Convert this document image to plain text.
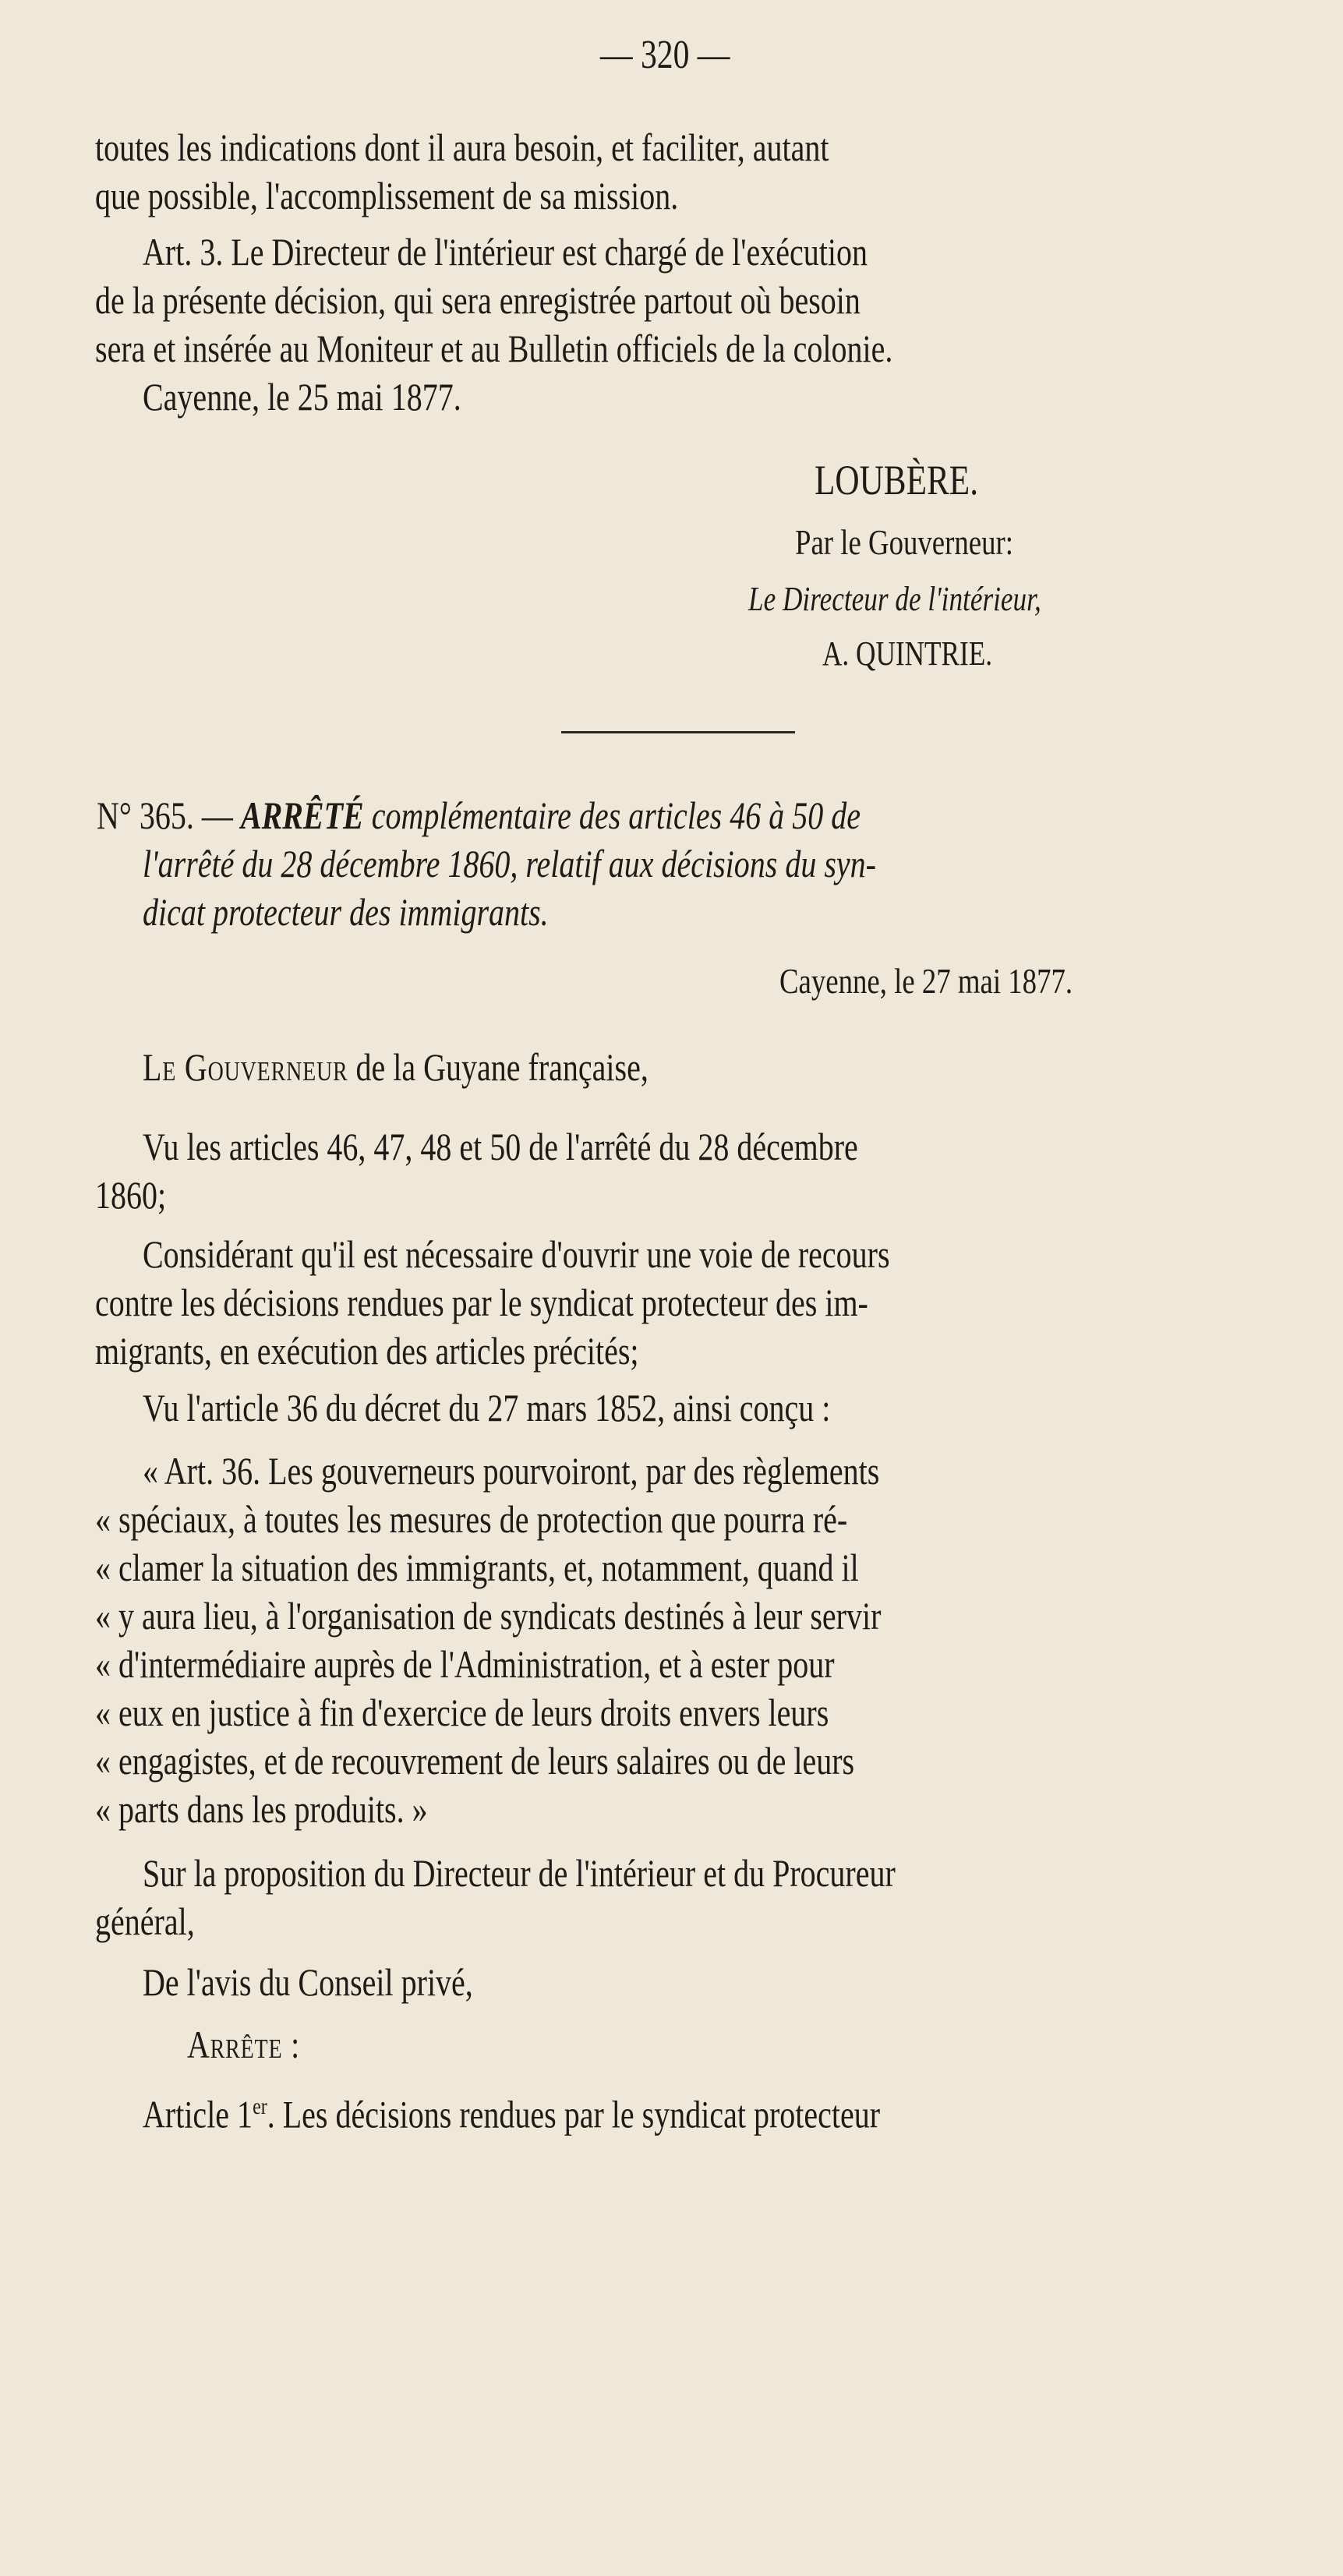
— 320 —
toutes les indications dont il aura besoin, et faciliter, autant
que possible, l'accomplissement de sa mission.
Art. 3. Le Directeur de l'intérieur est chargé de l'exécution
de la présente décision, qui sera enregistrée partout où besoin
sera et insérée au Moniteur et au Bulletin officiels de la colonie.
Cayenne, le 25 mai 1877.
LOUBÈRE.
Par le Gouverneur:
Le Directeur de l'intérieur,
A. QUINTRIE.
N° 365. — ARRÊTÉ complémentaire des articles 46 à 50 de
l'arrêté du 28 décembre 1860, relatif aux décisions du syn-
dicat protecteur des immigrants.
Cayenne, le 27 mai 1877.
Le Gouverneur de la Guyane française,
Vu les articles 46, 47, 48 et 50 de l'arrêté du 28 décembre
1860;
Considérant qu'il est nécessaire d'ouvrir une voie de recours
contre les décisions rendues par le syndicat protecteur des im-
migrants, en exécution des articles précités;
Vu l'article 36 du décret du 27 mars 1852, ainsi conçu :
« Art. 36. Les gouverneurs pourvoiront, par des règlements
« spéciaux, à toutes les mesures de protection que pourra ré-
« clamer la situation des immigrants, et, notamment, quand il
« y aura lieu, à l'organisation de syndicats destinés à leur servir
« d'intermédiaire auprès de l'Administration, et à ester pour
« eux en justice à fin d'exercice de leurs droits envers leurs
« engagistes, et de recouvrement de leurs salaires ou de leurs
« parts dans les produits. »
Sur la proposition du Directeur de l'intérieur et du Procureur
général,
De l'avis du Conseil privé,
Arrête :
Article 1er. Les décisions rendues par le syndicat protecteur
